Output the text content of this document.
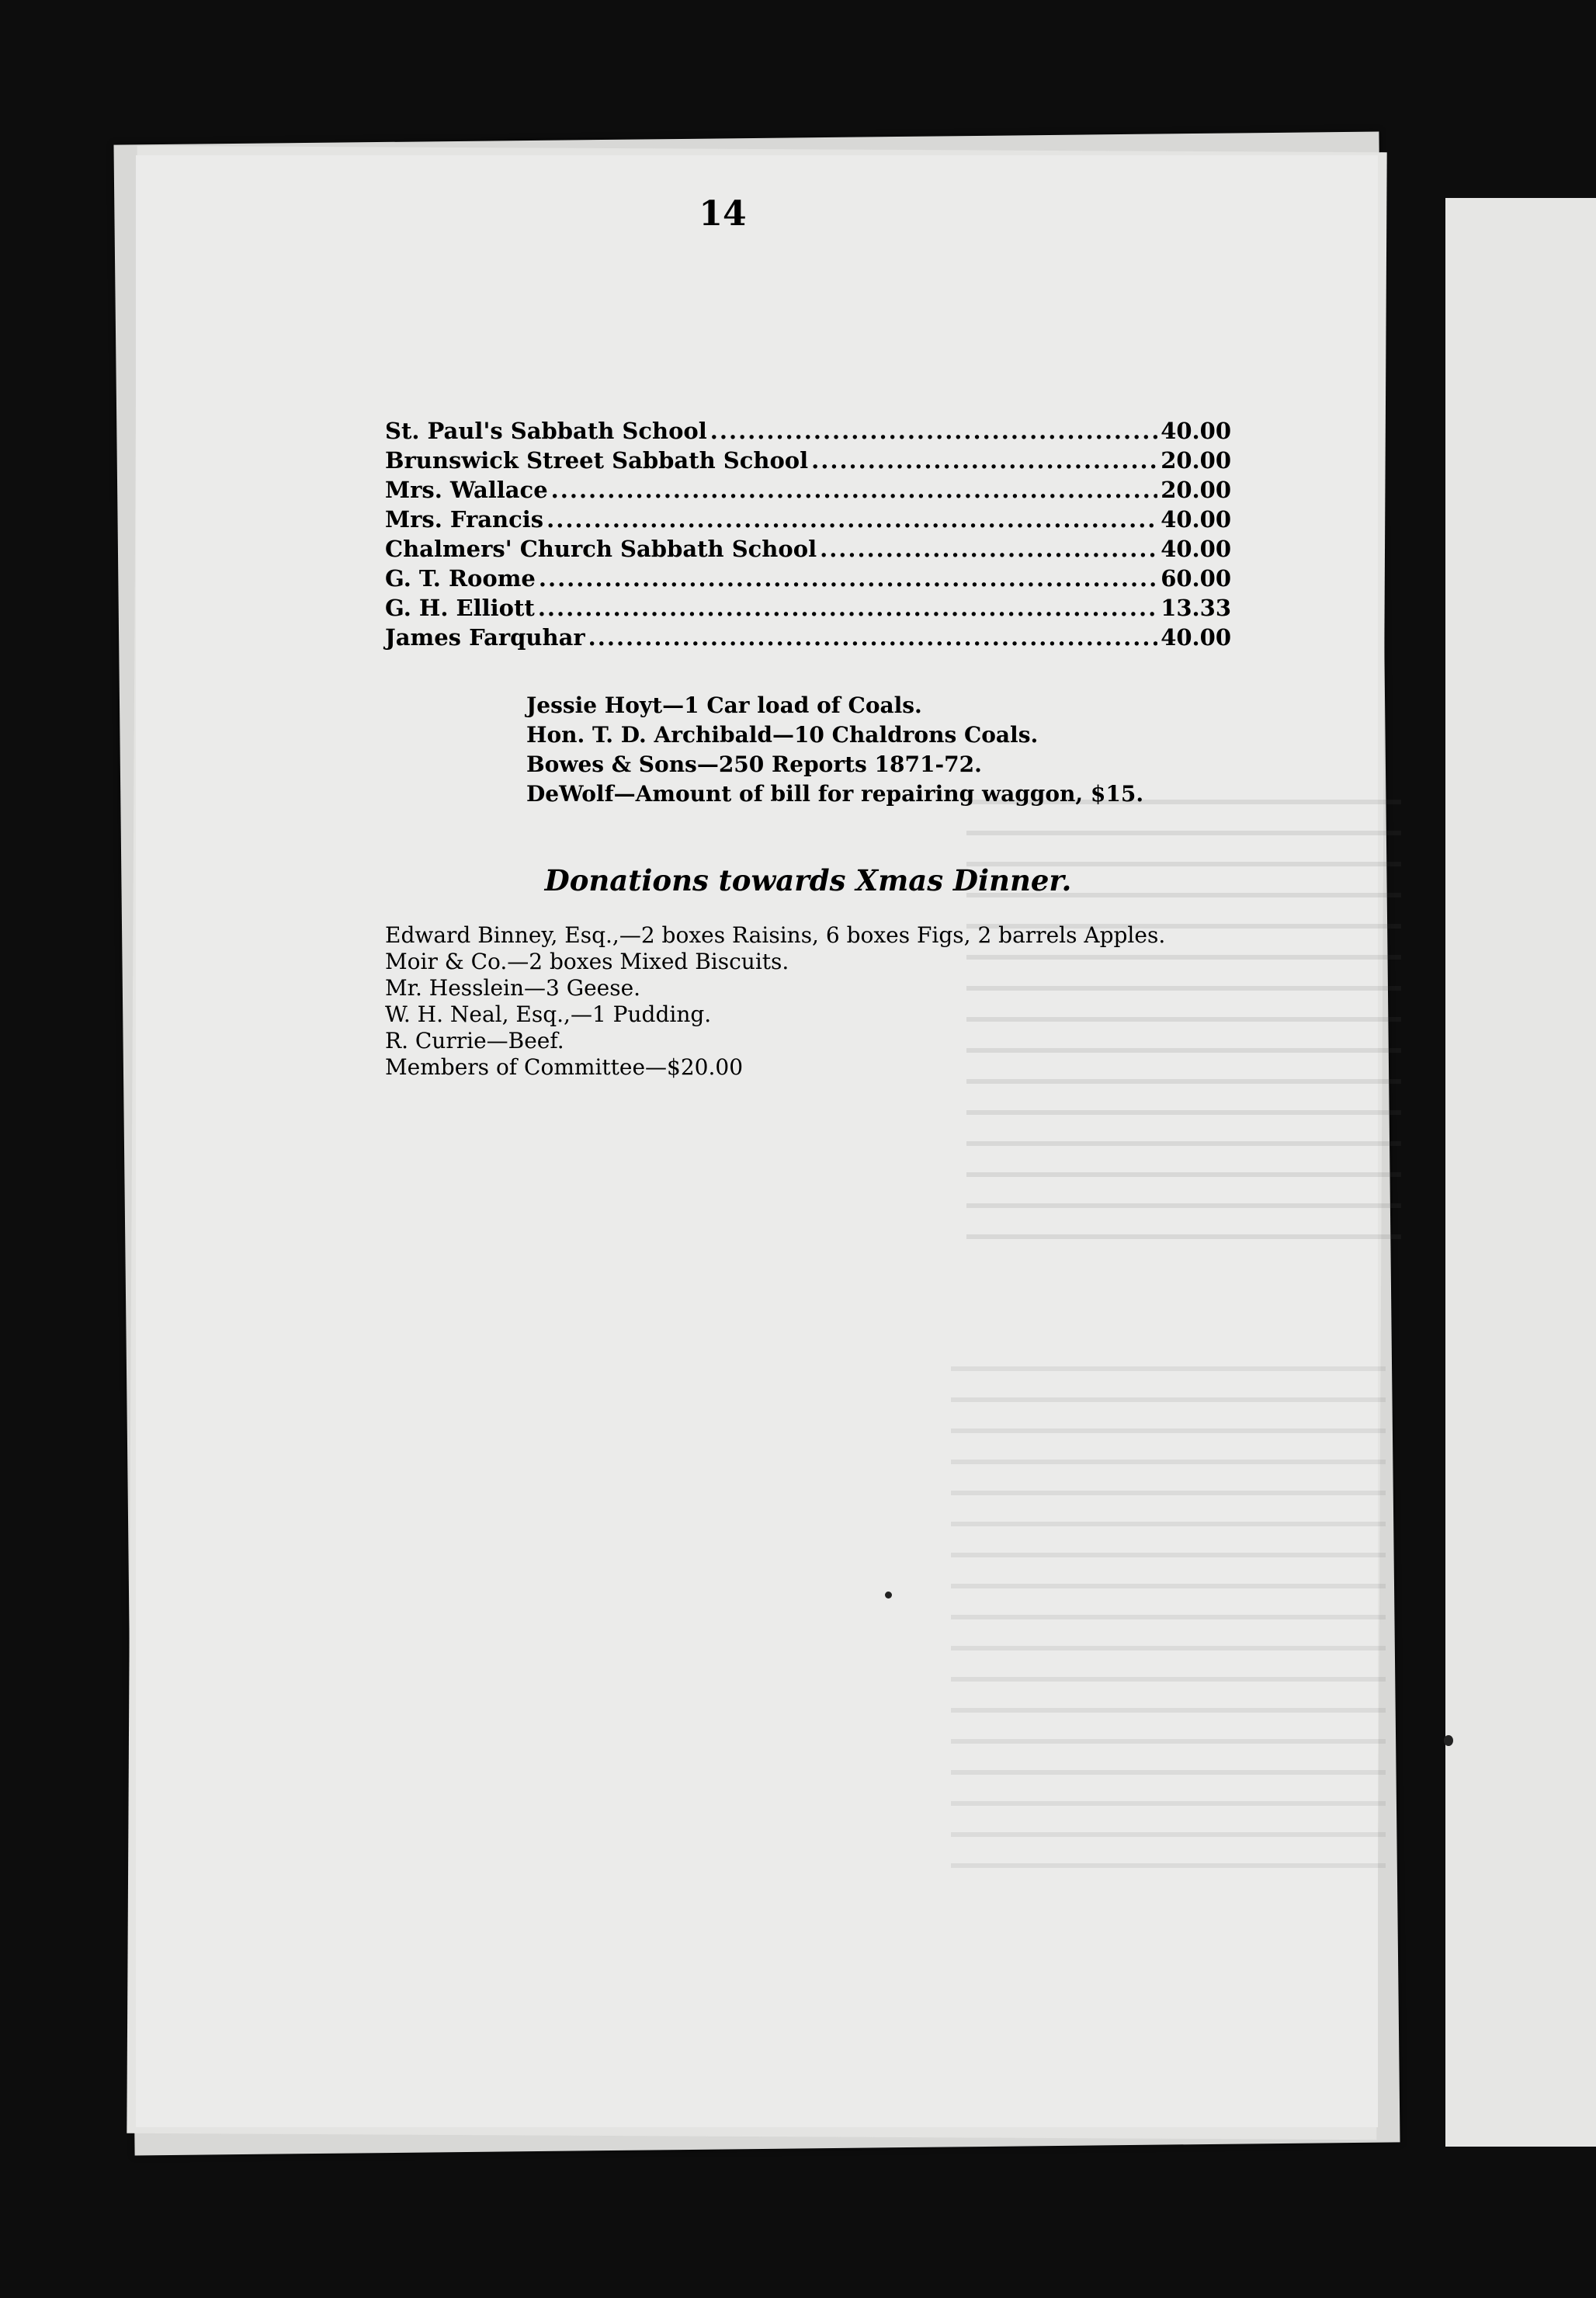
14
St. Paul's Sabbath School .....	40.00
Brunswick Street Sabbath School .....	20.00
Mrs. Wallace .....	20.00
Mrs. Francis .....	40.00
Chalmers' Church Sabbath School .....	40.00
G. T. Roome .....	60.00
G. H. Elliott .....	13.33
James Farquhar .....	40.00
Jessie Hoyt—1 Car load of Coals.
Hon. T. D. Archibald—10 Chaldrons Coals.
Bowes & Sons—250 Reports 1871-72.
DeWolf—Amount of bill for repairing waggon, $15.
Donations towards Xmas Dinner.
Edward Binney, Esq.,—2 boxes Raisins, 6 boxes Figs, 2 barrels Apples.
Moir & Co.—2 boxes Mixed Biscuits.
Mr. Hesslein—3 Geese.
W. H. Neal, Esq.,—1 Pudding.
R. Currie—Beef.
Members of Committee—$20.00
